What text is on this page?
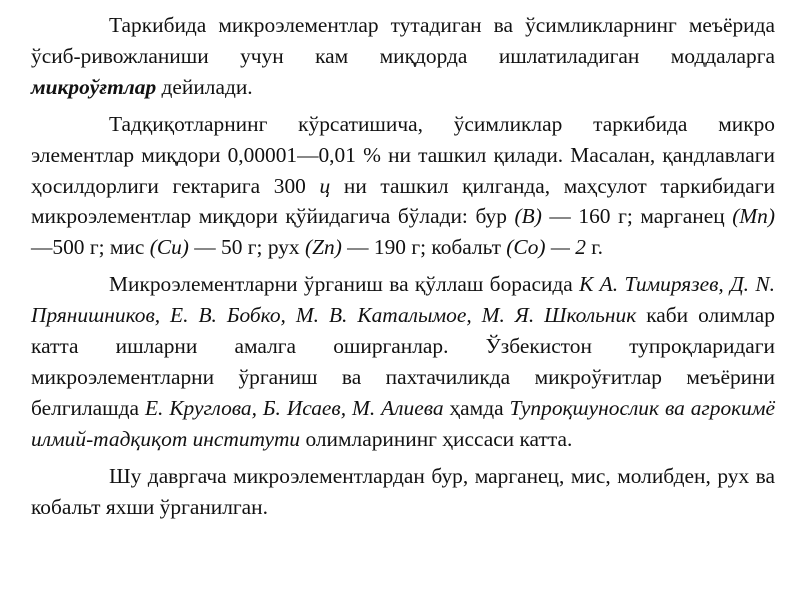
Таркибида микроэлементлар тутадиган ва ўсимликларнинг меъёрида ўсиб-ривожланиши учун кам миқдорда ишлатиладиган моддаларга микроўғтлар дейилади.

Тадқиқотларнинг кўрсатишича, ўсимликлар таркибида микро элементлар миқдори 0,00001—0,01 % ни ташкил қилади. Масалан, қандлавлаги ҳосилдорлиги гектарига 300 ц ни ташкил қилганда, маҳсулот таркибидаги микроэлементлар миқдори қўйидагича бўлади: бур (B) — 160 г; марганец (Mn) —500 г; мис (Cu) — 50 г; рух (Zn) — 190 г; кобальт (Co) — 2 г.

Микроэлементларни ўрганиш ва қўллаш борасида К А. Тимирязев, Д. N. Прянишников, Е. В. Бобко, М. В. Каталымое, М. Я. Школьник каби олимлар катта ишларни амалга оширганлар. Ўзбекистон тупроқларидаги микроэлементларни ўрганиш ва пахтачиликда микроўғитлар меъёрини белгилашда Е. Круглова, Б. Исаев, М. Алиева ҳамда Тупроқшунослик ва агрокимё илмий-тадқиқот институти олимларининг ҳиссаси катта.

Шу давргача микроэлементлардан бур, марганец, мис, молибден, рух ва кобальт яхши ўрганилган.
